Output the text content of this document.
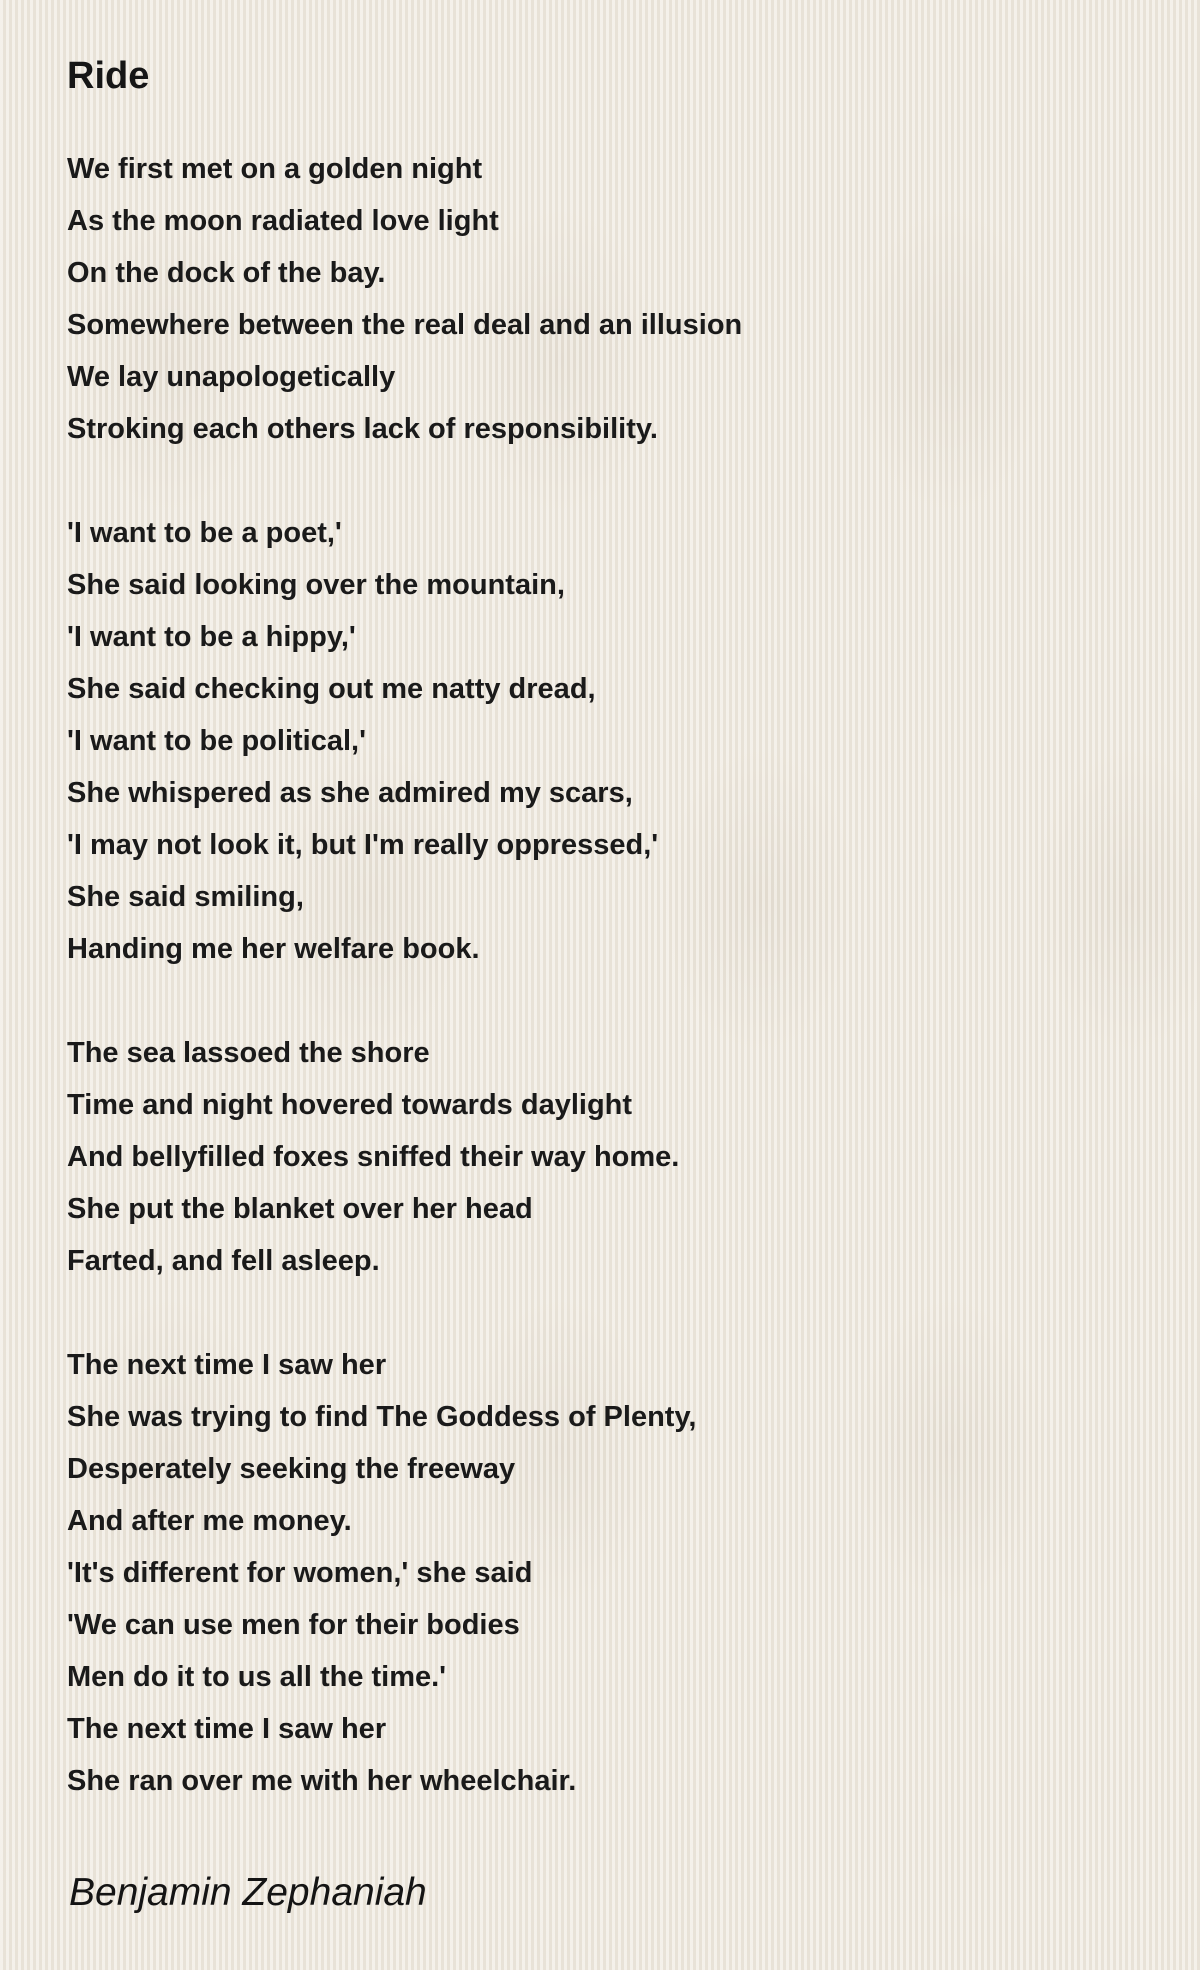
Ride
We first met on a golden night
As the moon radiated love light
On the dock of the bay.
Somewhere between the real deal and an illusion
We lay unapologetically
Stroking each others lack of responsibility.
'I want to be a poet,'
She said looking over the mountain,
'I want to be a hippy,'
She said checking out me natty dread,
'I want to be political,'
She whispered as she admired my scars,
'I may not look it, but I'm really oppressed,'
She said smiling,
Handing me her welfare book.
The sea lassoed the shore
Time and night hovered towards daylight
And bellyfilled foxes sniffed their way home.
She put the blanket over her head
Farted, and fell asleep.
The next time I saw her
She was trying to find The Goddess of Plenty,
Desperately seeking the freeway
And after me money.
'It's different for women,' she said
'We can use men for their bodies
Men do it to us all the time.'
The next time I saw her
She ran over me with her wheelchair.
Benjamin Zephaniah
